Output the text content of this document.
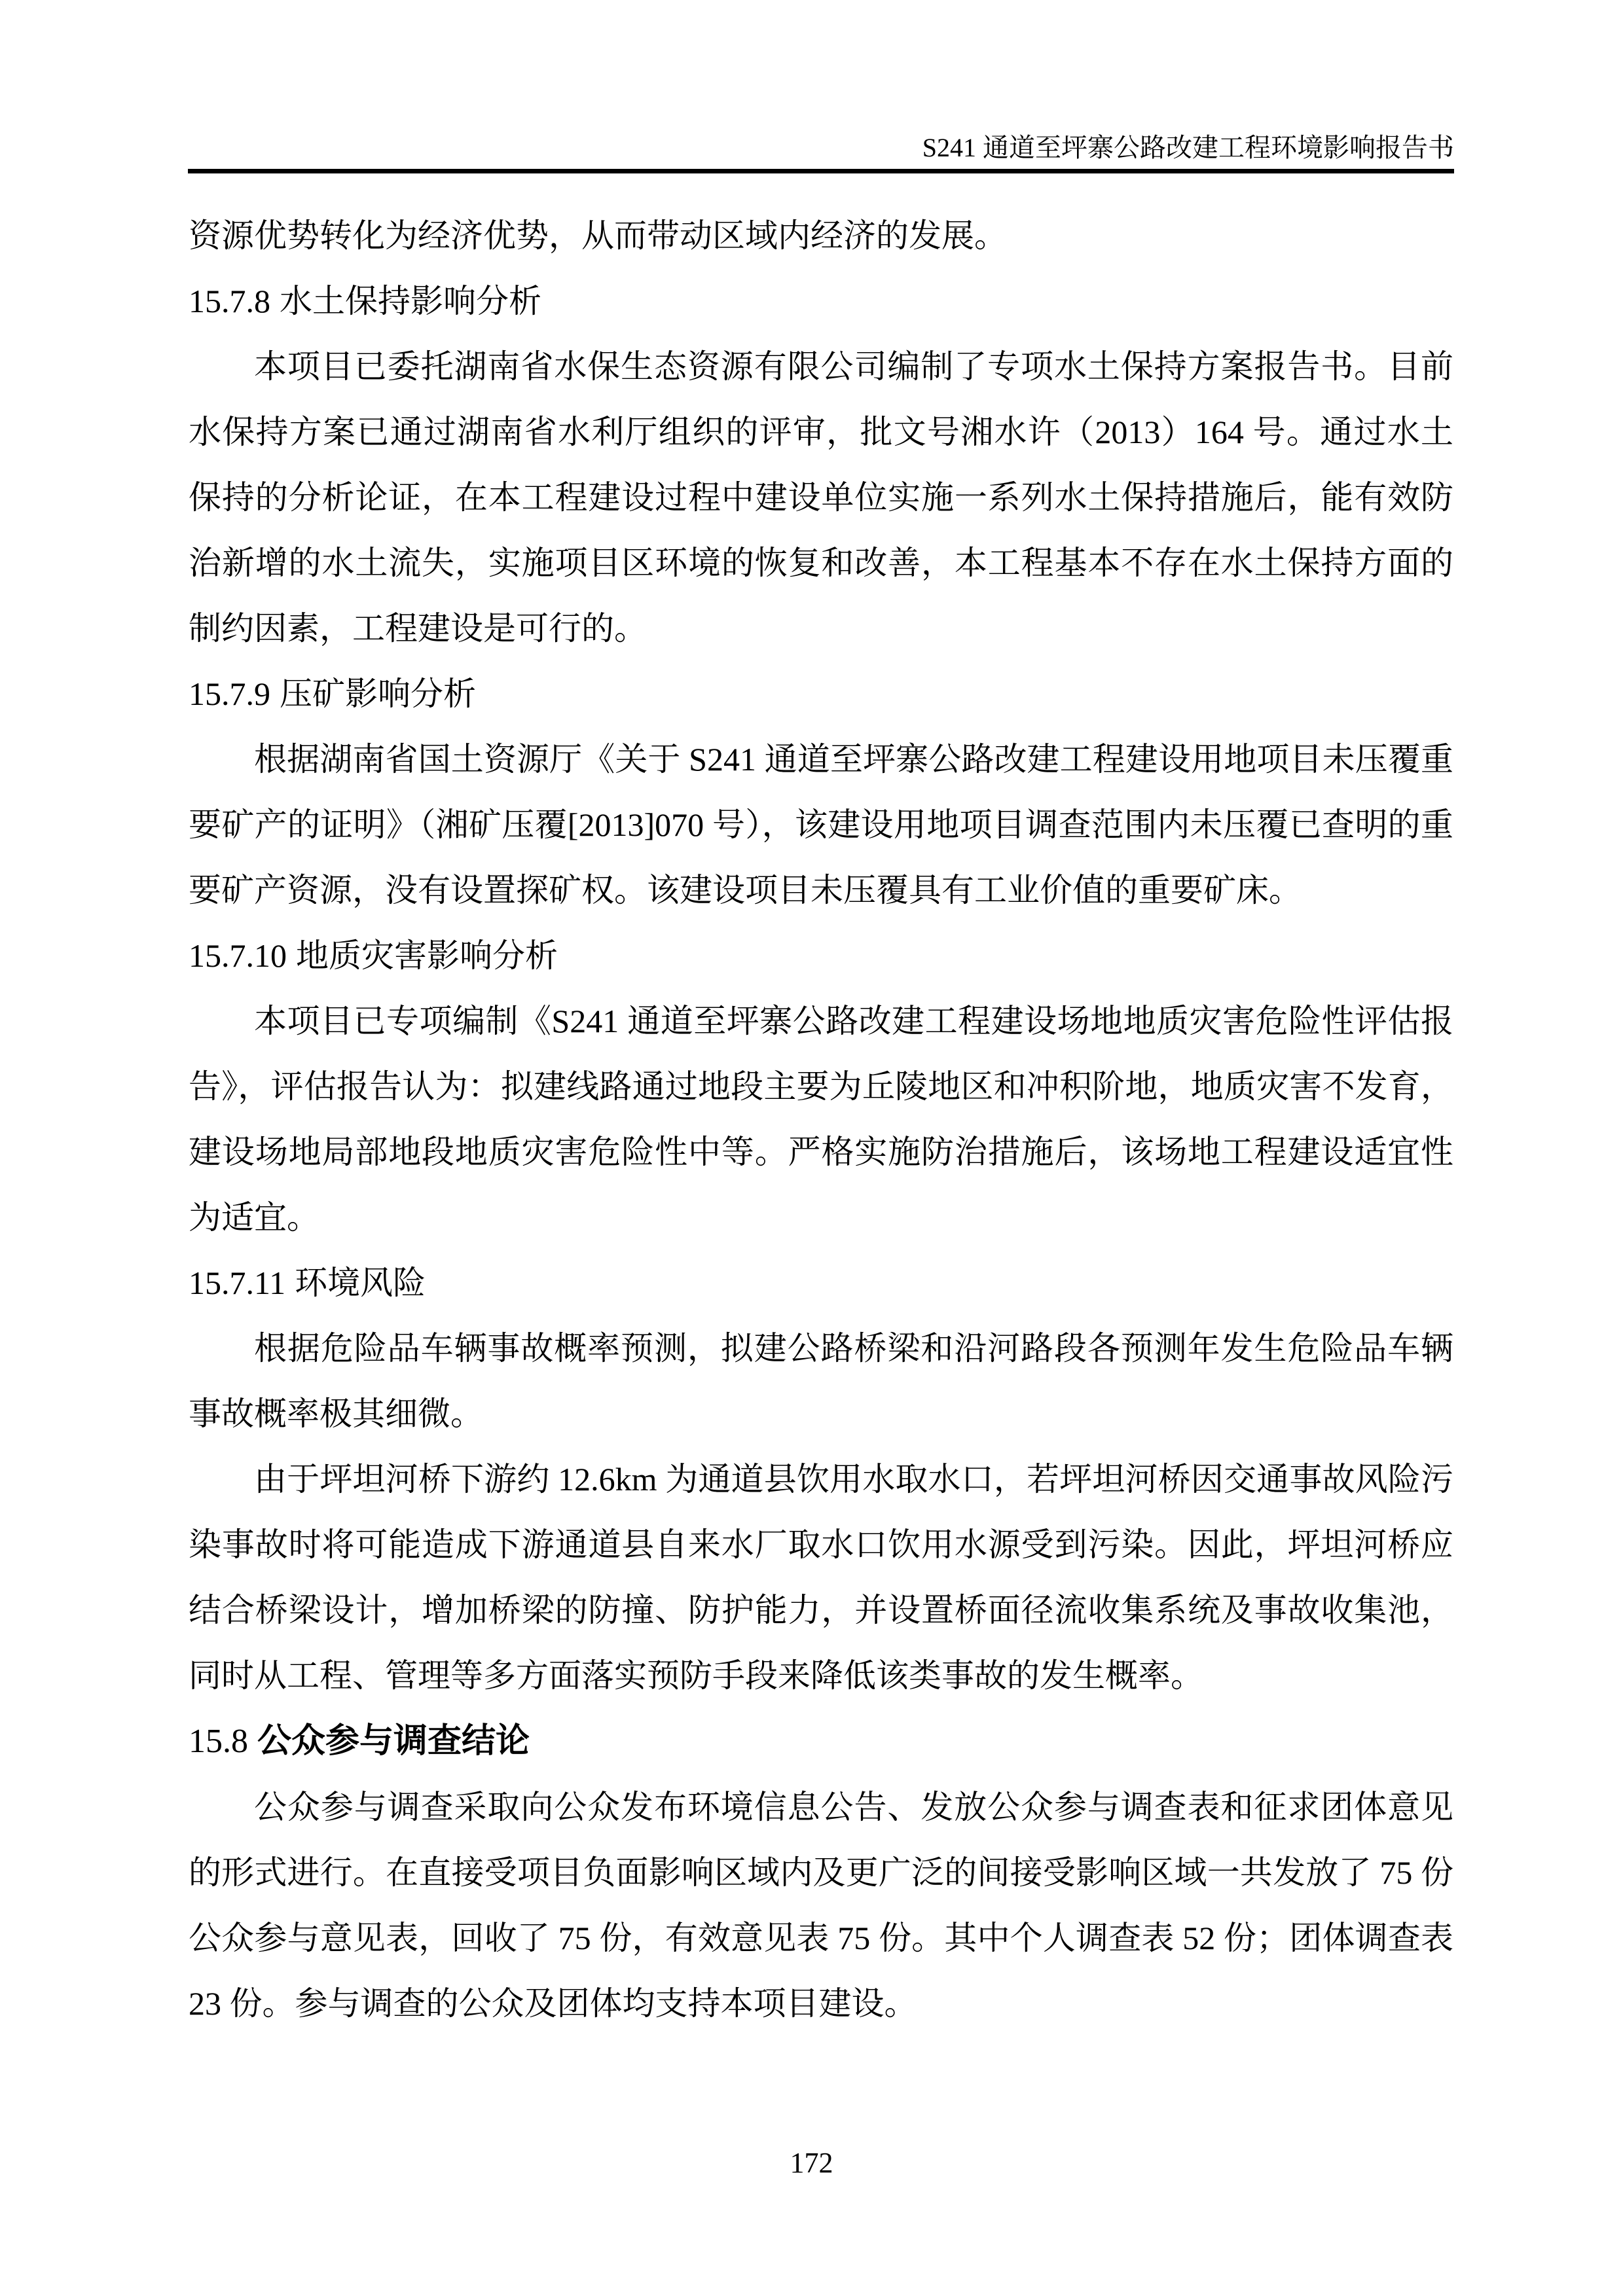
S241 通道至坪寨公路改建工程环境影响报告书

资源优势转化为经济优势，从而带动区域内经济的发展。

15.7.8 水土保持影响分析

本项目已委托湖南省水保生态资源有限公司编制了专项水土保持方案报告书。目前水保持方案已通过湖南省水利厅组织的评审，批文号湘水许（2013）164 号。通过水土保持的分析论证，在本工程建设过程中建设单位实施一系列水土保持措施后，能有效防治新增的水土流失，实施项目区环境的恢复和改善，本工程基本不存在水土保持方面的制约因素，工程建设是可行的。

15.7.9 压矿影响分析

根据湖南省国土资源厅《关于 S241 通道至坪寨公路改建工程建设用地项目未压覆重要矿产的证明》（湘矿压覆[2013]070 号），该建设用地项目调查范围内未压覆已查明的重要矿产资源，没有设置探矿权。该建设项目未压覆具有工业价值的重要矿床。

15.7.10 地质灾害影响分析

本项目已专项编制《S241 通道至坪寨公路改建工程建设场地地质灾害危险性评估报告》，评估报告认为：拟建线路通过地段主要为丘陵地区和冲积阶地，地质灾害不发育，建设场地局部地段地质灾害危险性中等。严格实施防治措施后，该场地工程建设适宜性为适宜。

15.7.11 环境风险

根据危险品车辆事故概率预测，拟建公路桥梁和沿河路段各预测年发生危险品车辆事故概率极其细微。

由于坪坦河桥下游约 12.6km 为通道县饮用水取水口，若坪坦河桥因交通事故风险污染事故时将可能造成下游通道县自来水厂取水口饮用水源受到污染。因此，坪坦河桥应结合桥梁设计，增加桥梁的防撞、防护能力，并设置桥面径流收集系统及事故收集池，同时从工程、管理等多方面落实预防手段来降低该类事故的发生概率。

15.8 公众参与调查结论

公众参与调查采取向公众发布环境信息公告、发放公众参与调查表和征求团体意见的形式进行。在直接受项目负面影响区域内及更广泛的间接受影响区域一共发放了 75 份公众参与意见表，回收了 75 份，有效意见表 75 份。其中个人调查表 52 份；团体调查表 23 份。参与调查的公众及团体均支持本项目建设。

172
